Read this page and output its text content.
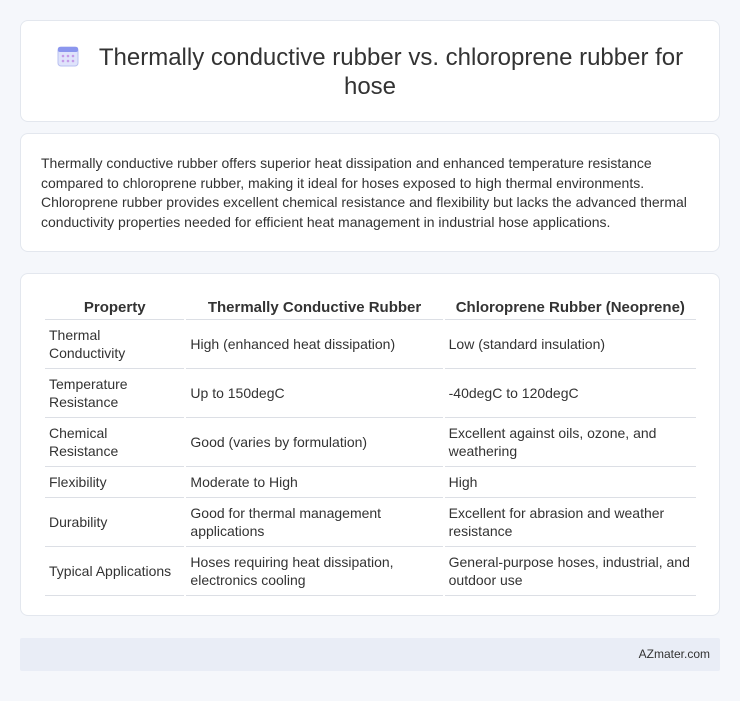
Thermally conductive rubber vs. chloroprene rubber for hose

Thermally conductive rubber offers superior heat dissipation and enhanced temperature resistance compared to chloroprene rubber, making it ideal for hoses exposed to high thermal environments. Chloroprene rubber provides excellent chemical resistance and flexibility but lacks the advanced thermal conductivity properties needed for efficient heat management in industrial hose applications.

Property	Thermally Conductive Rubber	Chloroprene Rubber (Neoprene)
Thermal Conductivity	High (enhanced heat dissipation)	Low (standard insulation)
Temperature Resistance	Up to 150degC	-40degC to 120degC
Chemical Resistance	Good (varies by formulation)	Excellent against oils, ozone, and weathering
Flexibility	Moderate to High	High
Durability	Good for thermal management applications	Excellent for abrasion and weather resistance
Typical Applications	Hoses requiring heat dissipation, electronics cooling	General-purpose hoses, industrial, and outdoor use
AZmater.com
